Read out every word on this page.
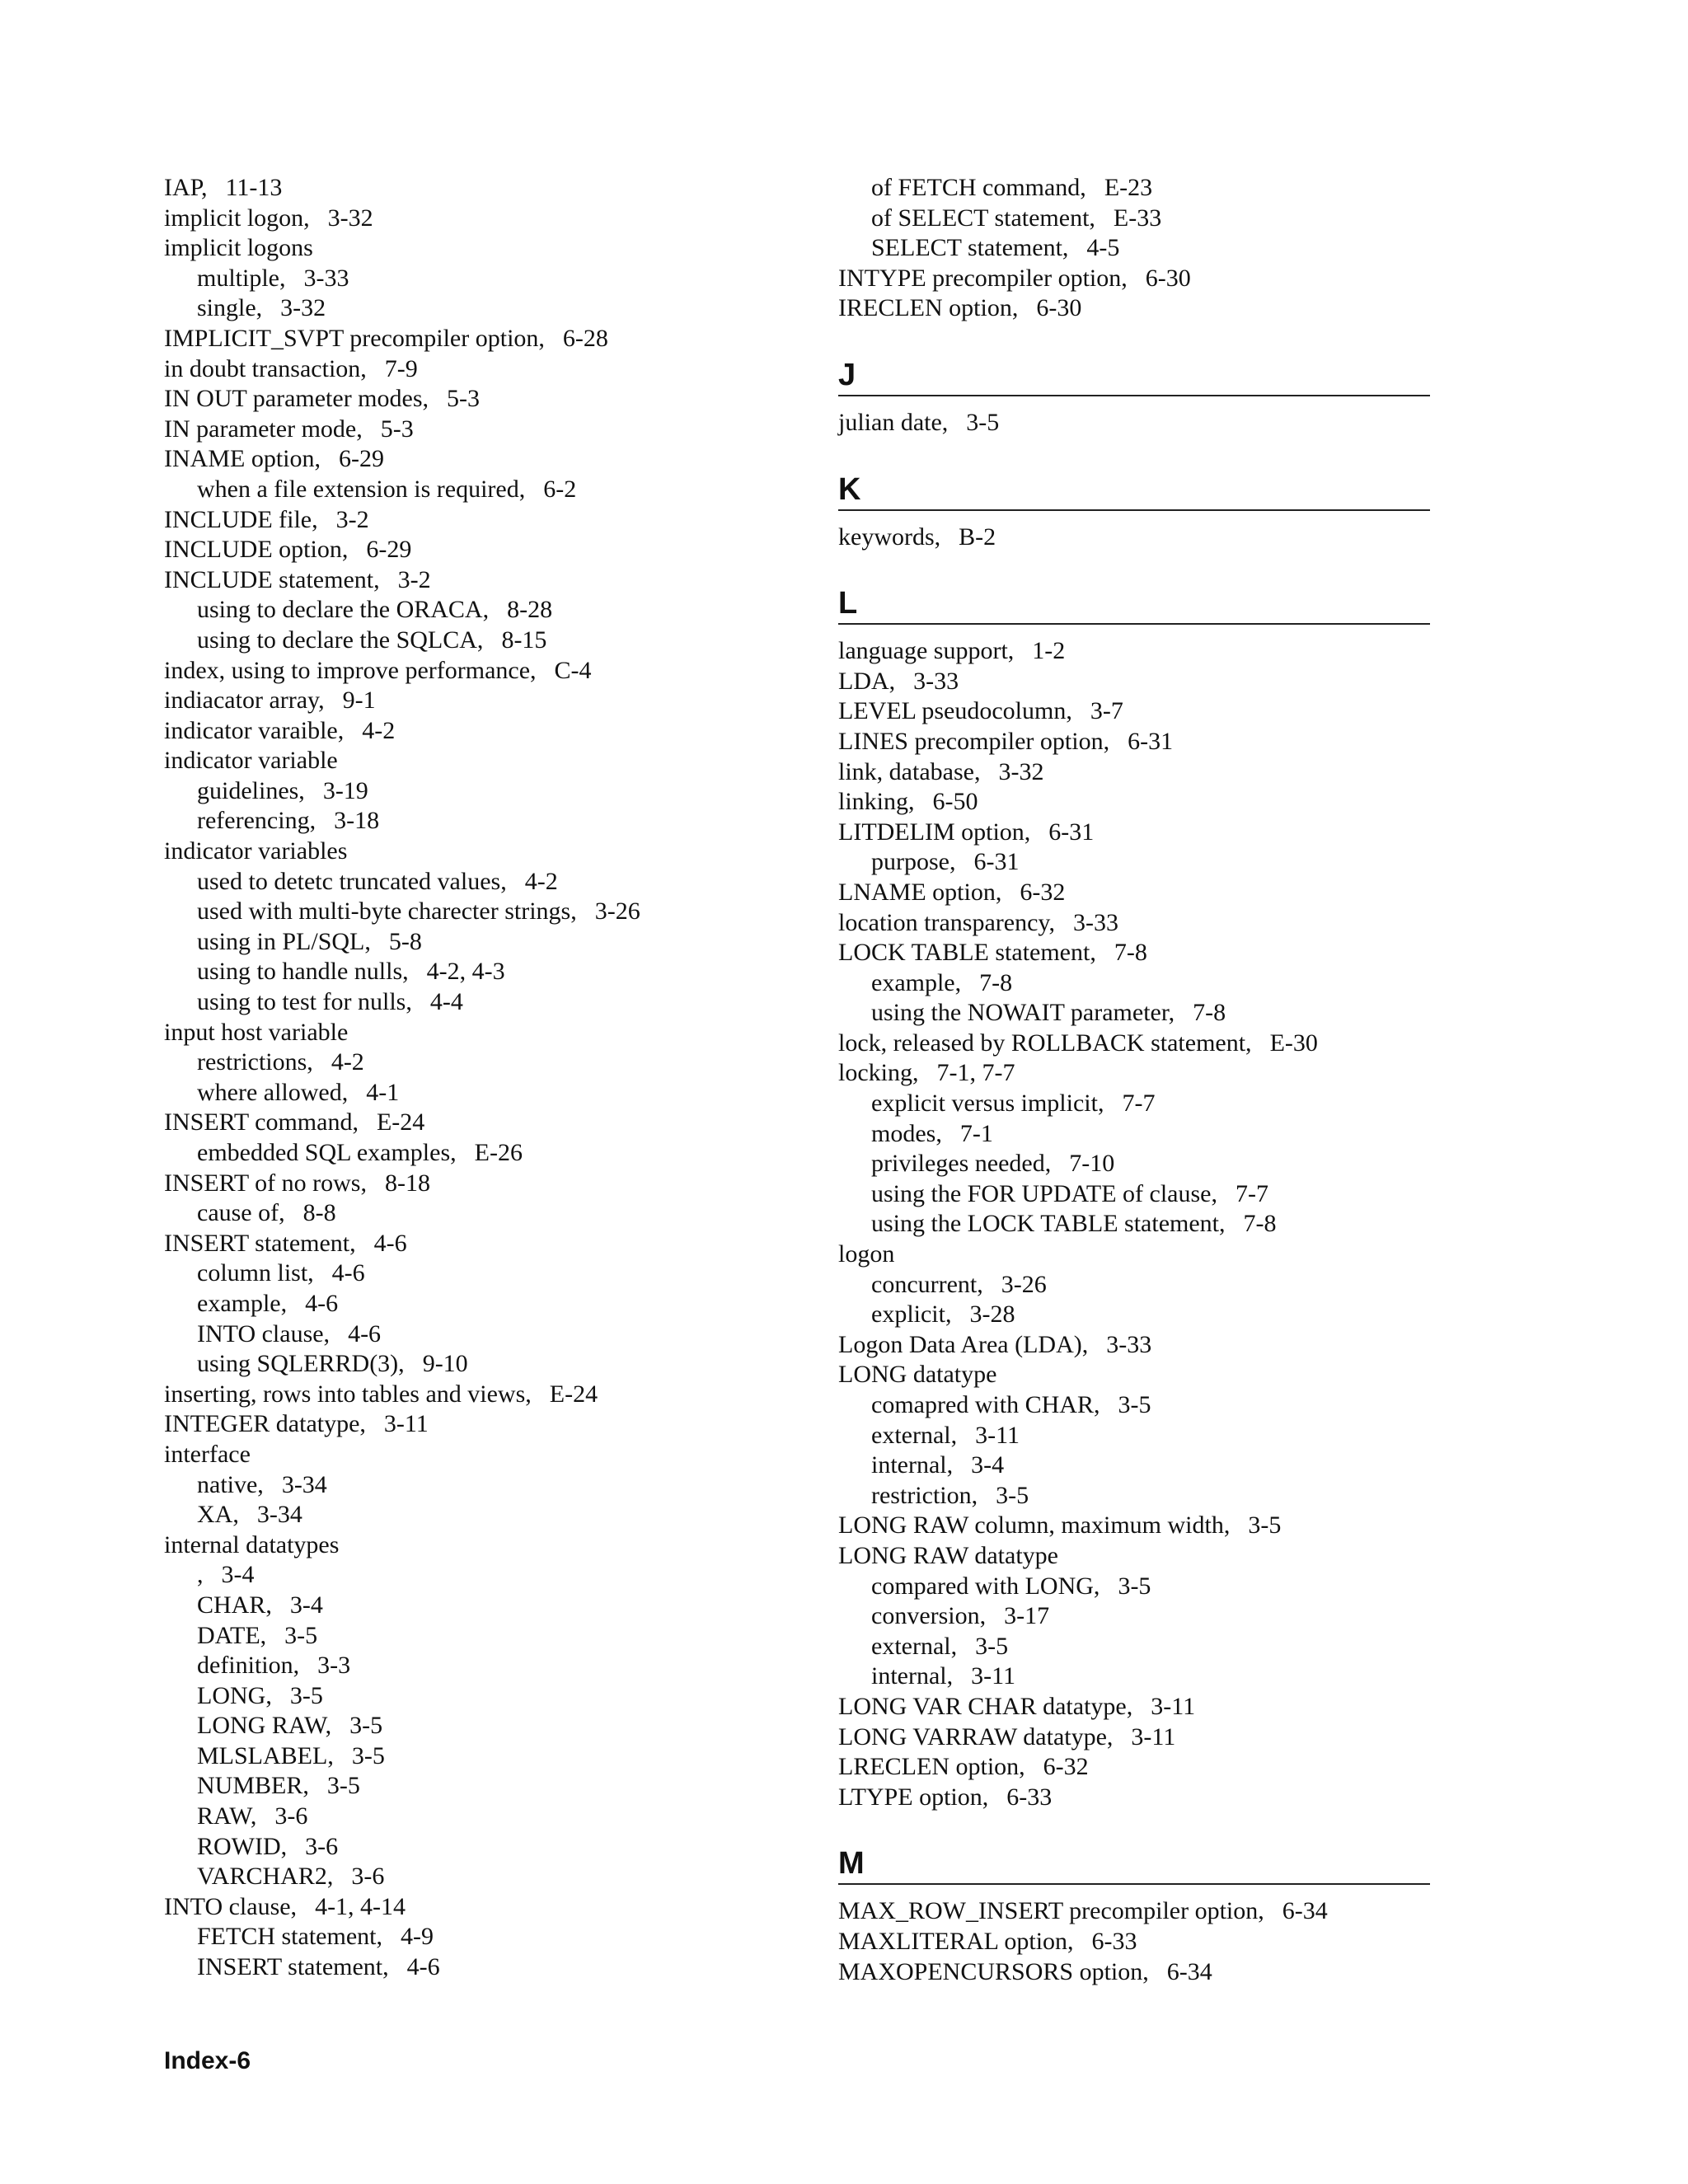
IAP, 11-13
implicit logon, 3-32
implicit logons
multiple, 3-33
single, 3-32
IMPLICIT_SVPT precompiler option, 6-28
in doubt transaction, 7-9
IN OUT parameter modes, 5-3
IN parameter mode, 5-3
INAME option, 6-29
when a file extension is required, 6-2
INCLUDE file, 3-2
INCLUDE option, 6-29
INCLUDE statement, 3-2
using to declare the ORACA, 8-28
using to declare the SQLCA, 8-15
index, using to improve performance, C-4
indiacator array, 9-1
indicator varaible, 4-2
indicator variable
guidelines, 3-19
referencing, 3-18
indicator variables
used to detetc truncated values, 4-2
used with multi-byte charecter strings, 3-26
using in PL/SQL, 5-8
using to handle nulls, 4-2, 4-3
using to test for nulls, 4-4
input host variable
restrictions, 4-2
where allowed, 4-1
INSERT command, E-24
embedded SQL examples, E-26
INSERT of no rows, 8-18
cause of, 8-8
INSERT statement, 4-6
column list, 4-6
example, 4-6
INTO clause, 4-6
using SQLERRD(3), 9-10
inserting, rows into tables and views, E-24
INTEGER datatype, 3-11
interface
native, 3-34
XA, 3-34
internal datatypes
, 3-4
CHAR, 3-4
DATE, 3-5
definition, 3-3
LONG, 3-5
LONG RAW, 3-5
MLSLABEL, 3-5
NUMBER, 3-5
RAW, 3-6
ROWID, 3-6
VARCHAR2, 3-6
INTO clause, 4-1, 4-14
FETCH statement, 4-9
INSERT statement, 4-6
of FETCH command, E-23
of SELECT statement, E-33
SELECT statement, 4-5
INTYPE precompiler option, 6-30
IRECLEN option, 6-30
J
julian date, 3-5
K
keywords, B-2
L
language support, 1-2
LDA, 3-33
LEVEL pseudocolumn, 3-7
LINES precompiler option, 6-31
link, database, 3-32
linking, 6-50
LITDELIM option, 6-31
purpose, 6-31
LNAME option, 6-32
location transparency, 3-33
LOCK TABLE statement, 7-8
example, 7-8
using the NOWAIT parameter, 7-8
lock, released by ROLLBACK statement, E-30
locking, 7-1, 7-7
explicit versus implicit, 7-7
modes, 7-1
privileges needed, 7-10
using the FOR UPDATE of clause, 7-7
using the LOCK TABLE statement, 7-8
logon
concurrent, 3-26
explicit, 3-28
Logon Data Area (LDA), 3-33
LONG datatype
comapred with CHAR, 3-5
external, 3-11
internal, 3-4
restriction, 3-5
LONG RAW column, maximum width, 3-5
LONG RAW datatype
compared with LONG, 3-5
conversion, 3-17
external, 3-5
internal, 3-11
LONG VAR CHAR datatype, 3-11
LONG VARRAW datatype, 3-11
LRECLEN option, 6-32
LTYPE option, 6-33
M
MAX_ROW_INSERT precompiler option, 6-34
MAXLITERAL option, 6-33
MAXOPENCURSORS option, 6-34
Index-6
